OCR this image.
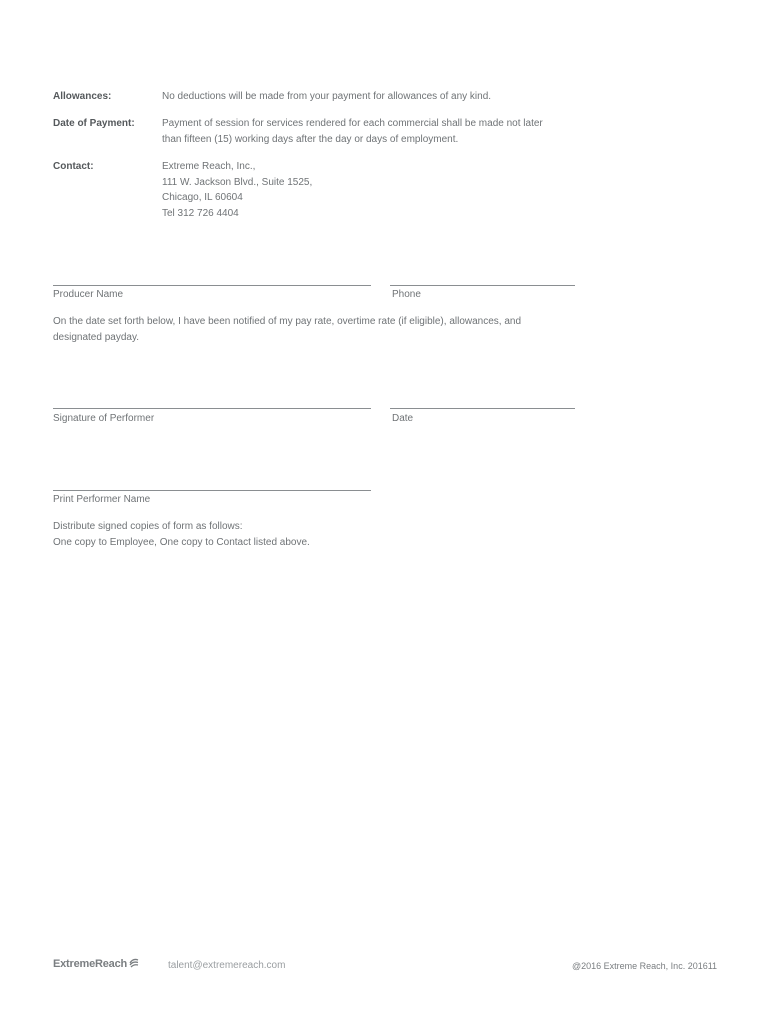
Allowances:	No deductions will be made from your payment for allowances of any kind.
Date of Payment:	Payment of session for services rendered for each commercial shall be made not later
than fifteen (15) working days after the day or days of employment.
Contact:	Extreme Reach, Inc.,
111 W. Jackson Blvd., Suite 1525,
Chicago, IL 60604
Tel 312 726 4404
Producer Name	Phone
On the date set forth below, I have been notified of my pay rate, overtime rate (if eligible), allowances, and
designated payday.
Signature of Performer	Date
Print Performer Name
Distribute signed copies of form as follows:
One copy to Employee, One copy to Contact listed above.
ExtremeReach	talent@extremereach.com	@2016 Extreme Reach, Inc. 201611
